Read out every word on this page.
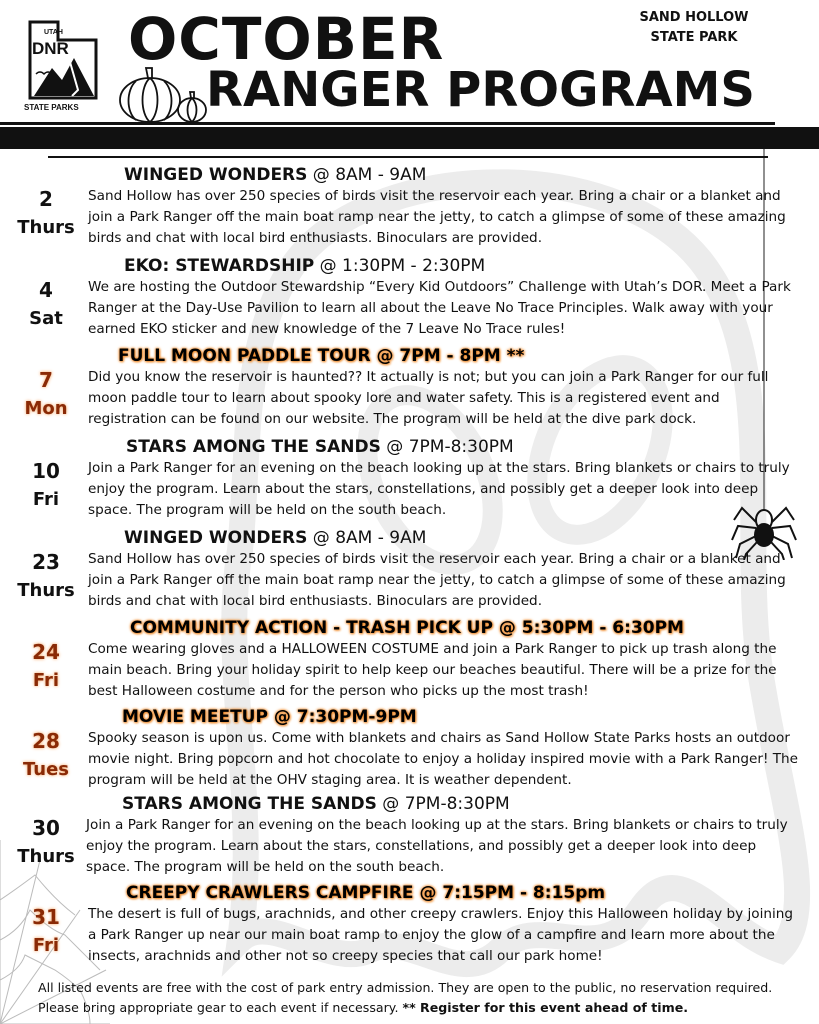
UTAH
DNR
STATE PARKS
OCTOBER
RANGER PROGRAMS
SAND HOLLOW
STATE PARK
WINGED WONDERS @ 8AM - 9AM
2
Thurs
Sand Hollow has over 250 species of birds visit the reservoir each year. Bring a chair or a blanket and join a Park Ranger off the main boat ramp near the jetty, to catch a glimpse of some of these amazing birds and chat with local bird enthusiasts. Binoculars are provided.
EKO: STEWARDSHIP @ 1:30PM - 2:30PM
4
Sat
We are hosting the Outdoor Stewardship “Every Kid Outdoors” Challenge with Utah’s DOR. Meet a Park Ranger at the Day-Use Pavilion to learn all about the Leave No Trace Principles. Walk away with your earned EKO sticker and new knowledge of the 7 Leave No Trace rules!
FULL MOON PADDLE TOUR @ 7PM - 8PM **
7
Mon
Did you know the reservoir is haunted?? It actually is not; but you can join a Park Ranger for our full moon paddle tour to learn about spooky lore and water safety. This is a registered event and registration can be found on our website. The program will be held at the dive park dock.
STARS AMONG THE SANDS @ 7PM-8:30PM
10
Fri
Join a Park Ranger for an evening on the beach looking up at the stars. Bring blankets or chairs to truly enjoy the program. Learn about the stars, constellations, and possibly get a deeper look into deep space. The program will be held on the south beach.
WINGED WONDERS @ 8AM - 9AM
23
Thurs
Sand Hollow has over 250 species of birds visit the reservoir each year. Bring a chair or a blanket and join a Park Ranger off the main boat ramp near the jetty, to catch a glimpse of some of these amazing birds and chat with local bird enthusiasts. Binoculars are provided.
COMMUNITY ACTION - TRASH PICK UP @ 5:30PM - 6:30PM
24
Fri
Come wearing gloves and a HALLOWEEN COSTUME and join a Park Ranger to pick up trash along the main beach. Bring your holiday spirit to help keep our beaches beautiful. There will be a prize for the best Halloween costume and for the person who picks up the most trash!
MOVIE MEETUP @ 7:30PM-9PM
28
Tues
Spooky season is upon us. Come with blankets and chairs as Sand Hollow State Parks hosts an outdoor movie night. Bring popcorn and hot chocolate to enjoy a holiday inspired movie with a Park Ranger! The program will be held at the OHV staging area. It is weather dependent.
STARS AMONG THE SANDS @ 7PM-8:30PM
30
Thurs
Join a Park Ranger for an evening on the beach looking up at the stars. Bring blankets or chairs to truly enjoy the program. Learn about the stars, constellations, and possibly get a deeper look into deep space. The program will be held on the south beach.
CREEPY CRAWLERS CAMPFIRE @ 7:15PM - 8:15pm
31
Fri
The desert is full of bugs, arachnids, and other creepy crawlers. Enjoy this Halloween holiday by joining a Park Ranger up near our main boat ramp to enjoy the glow of a campfire and learn more about the insects, arachnids and other not so creepy species that call our park home!
All listed events are free with the cost of park entry admission. They are open to the public, no reservation required. Please bring appropriate gear to each event if necessary. ** Register for this event ahead of time.
